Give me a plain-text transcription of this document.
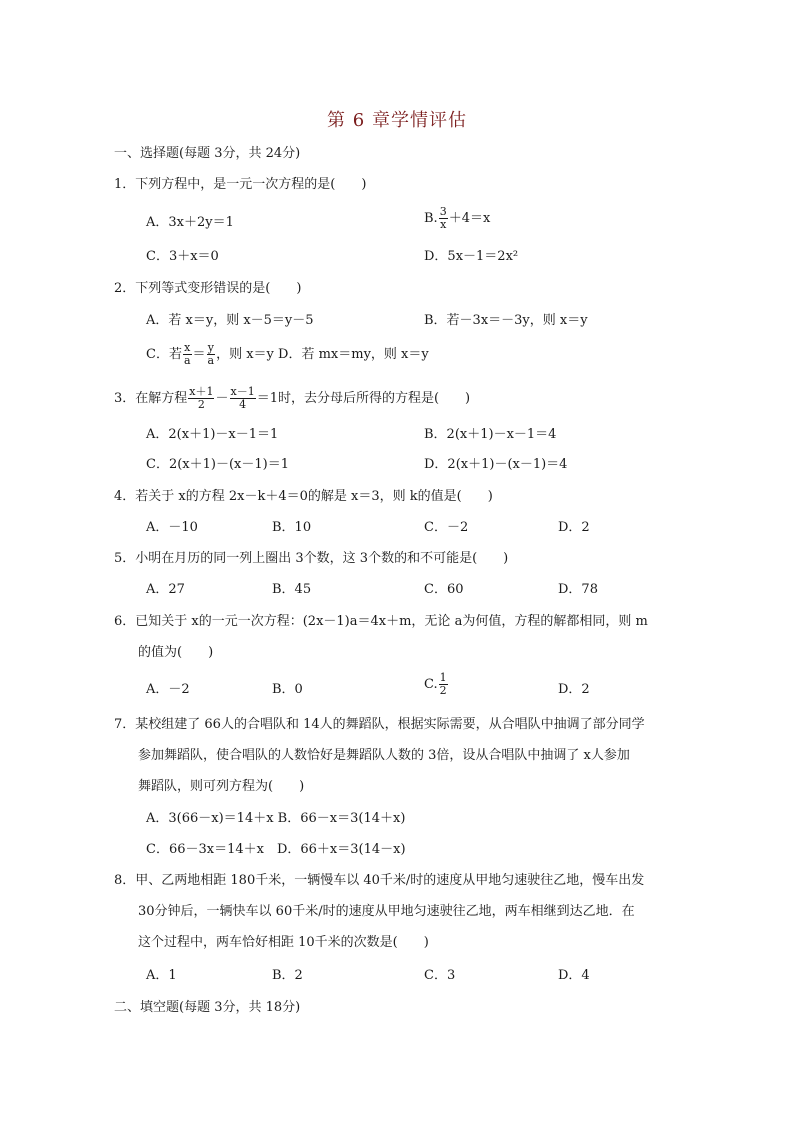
第 6 章学情评估
一、选择题(每题 3分，共 24分)
1．下列方程中，是一元一次方程的是(　　)
A．3x＋2y＝1	B. $\frac{3}{x} +4=x$
C．3＋x＝0	D．5x－1＝2x²
2．下列等式变形错误的是(　　)
A．若 x＝y，则 x－5＝y－5	B．若－3x＝－3y，则 x＝y
C．若 $\frac{x}{a} = \frac{y}{a}$ ，则 x＝y D．若 mx＝my，则 x＝y
3．在解方程 $\frac{x+1}{2} - \frac{x-1}{4} =1$时，去分母后所得的方程是(　　)
A．2(x＋1)－x－1＝1	B．2(x＋1)－x－1＝4
C．2(x＋1)－(x－1)＝1	D．2(x＋1)－(x－1)＝4
4．若关于 x的方程 2x－k＋4＝0的解是 x＝3，则 k的值是(　　)
A．－10	B．10	C．－2	D．2
5．小明在月历的同一列上圈出 3个数，这 3个数的和不可能是(　　)
A．27	B．45	C．60	D．78
6．已知关于 x的一元一次方程：(2x－1)a＝4x＋m，无论 a为何值，方程的解都相同，则 m
的值为(　　)
A．－2	B．0	C. $\frac{1}{2}$	D．2
7．某校组建了 66人的合唱队和 14人的舞蹈队，根据实际需要，从合唱队中抽调了部分同学
参加舞蹈队，使合唱队的人数恰好是舞蹈队人数的 3倍，设从合唱队中抽调了 x人参加
舞蹈队，则可列方程为(　　)
A．3(66－x)＝14＋x B．66－x＝3(14＋x)
C．66－3x＝14＋x　D．66＋x＝3(14－x)
8．甲、乙两地相距 180千米，一辆慢车以 40千米/时的速度从甲地匀速驶往乙地，慢车出发
30分钟后，一辆快车以 60千米/时的速度从甲地匀速驶往乙地，两车相继到达乙地．在
这个过程中，两车恰好相距 10千米的次数是(　　)
A．1	B．2	C．3	D．4
二、填空题(每题 3分，共 18分)
